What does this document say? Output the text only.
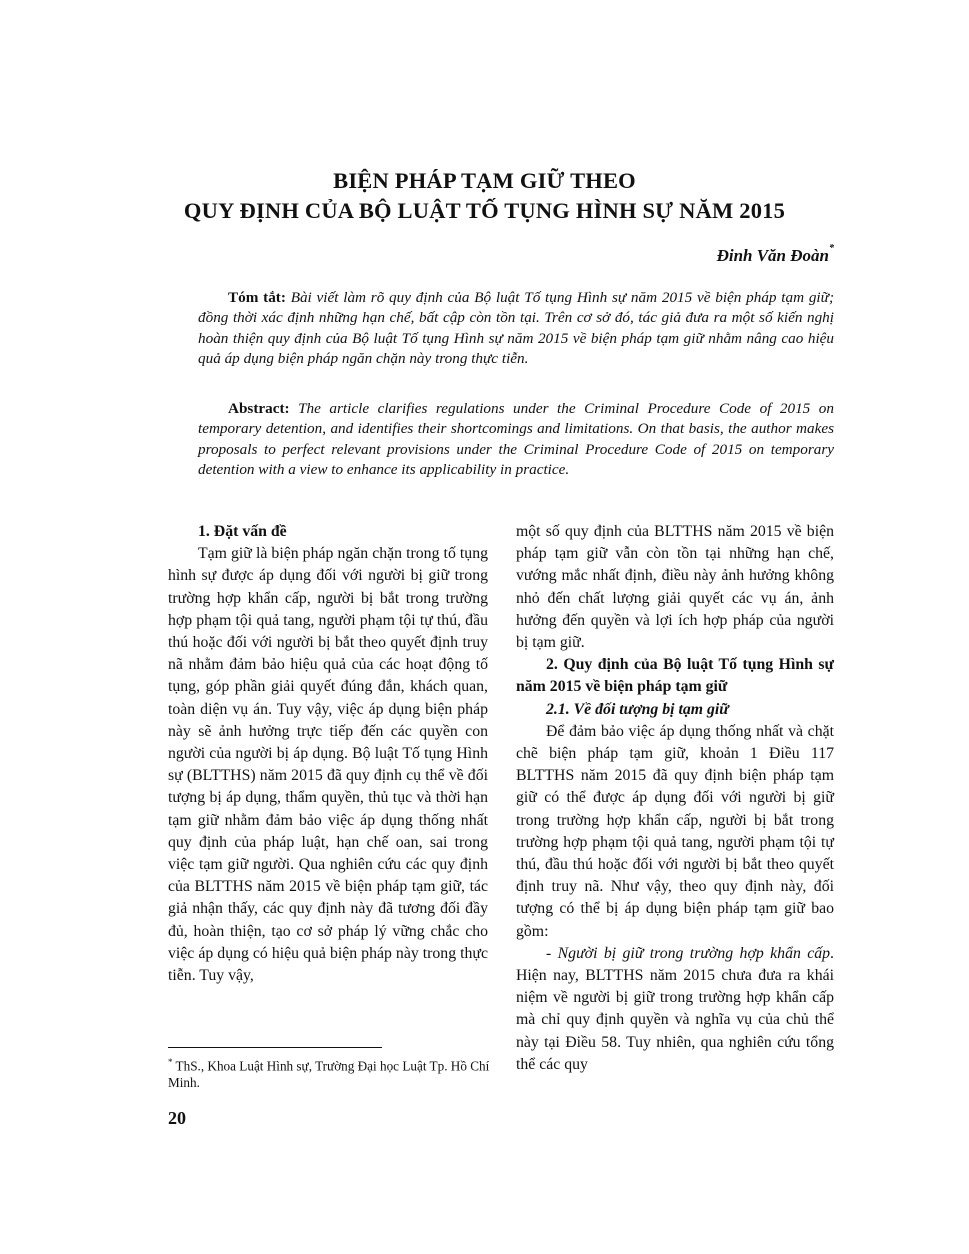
BIỆN PHÁP TẠM GIỮ THEO
QUY ĐỊNH CỦA BỘ LUẬT TỐ TỤNG HÌNH SỰ NĂM 2015
Đinh Văn Đoàn*
Tóm tắt: Bài viết làm rõ quy định của Bộ luật Tố tụng Hình sự năm 2015 về biện pháp tạm giữ; đồng thời xác định những hạn chế, bất cập còn tồn tại. Trên cơ sở đó, tác giả đưa ra một số kiến nghị hoàn thiện quy định của Bộ luật Tố tụng Hình sự năm 2015 về biện pháp tạm giữ nhằm nâng cao hiệu quả áp dụng biện pháp ngăn chặn này trong thực tiễn.
Abstract: The article clarifies regulations under the Criminal Procedure Code of 2015 on temporary detention, and identifies their shortcomings and limitations. On that basis, the author makes proposals to perfect relevant provisions under the Criminal Procedure Code of 2015 on temporary detention with a view to enhance its applicability in practice.

1. Đặt vấn đề

Tạm giữ là biện pháp ngăn chặn trong tố tụng hình sự được áp dụng đối với người bị giữ trong trường hợp khẩn cấp, người bị bắt trong trường hợp phạm tội quả tang, người phạm tội tự thú, đầu thú hoặc đối với người bị bắt theo quyết định truy nã nhằm đảm bảo hiệu quả của các hoạt động tố tụng, góp phần giải quyết đúng đắn, khách quan, toàn diện vụ án. Tuy vậy, việc áp dụng biện pháp này sẽ ảnh hưởng trực tiếp đến các quyền con người của người bị áp dụng. Bộ luật Tố tụng Hình sự (BLTTHS) năm 2015 đã quy định cụ thể về đối tượng bị áp dụng, thẩm quyền, thủ tục và thời hạn tạm giữ nhằm đảm bảo việc áp dụng thống nhất quy định của pháp luật, hạn chế oan, sai trong việc tạm giữ người. Qua nghiên cứu các quy định của BLTTHS năm 2015 về biện pháp tạm giữ, tác giả nhận thấy, các quy định này đã tương đối đầy đủ, hoàn thiện, tạo cơ sở pháp lý vững chắc cho việc áp dụng có hiệu quả biện pháp này trong thực tiễn. Tuy vậy,

một số quy định của BLTTHS năm 2015 về biện pháp tạm giữ vẫn còn tồn tại những hạn chế, vướng mắc nhất định, điều này ảnh hưởng không nhỏ đến chất lượng giải quyết các vụ án, ảnh hưởng đến quyền và lợi ích hợp pháp của người bị tạm giữ.

2. Quy định của Bộ luật Tố tụng Hình sự năm 2015 về biện pháp tạm giữ

2.1. Về đối tượng bị tạm giữ

Để đảm bảo việc áp dụng thống nhất và chặt chẽ biện pháp tạm giữ, khoản 1 Điều 117 BLTTHS năm 2015 đã quy định biện pháp tạm giữ có thể được áp dụng đối với người bị giữ trong trường hợp khẩn cấp, người bị bắt trong trường hợp phạm tội quả tang, người phạm tội tự thú, đầu thú hoặc đối với người bị bắt theo quyết định truy nã. Như vậy, theo quy định này, đối tượng có thể bị áp dụng biện pháp tạm giữ bao gồm:

- Người bị giữ trong trường hợp khẩn cấp. Hiện nay, BLTTHS năm 2015 chưa đưa ra khái niệm về người bị giữ trong trường hợp khẩn cấp mà chỉ quy định quyền và nghĩa vụ của chủ thể này tại Điều 58. Tuy nhiên, qua nghiên cứu tổng thể các quy

* ThS., Khoa Luật Hình sự, Trường Đại học Luật Tp. Hồ Chí Minh.
20
